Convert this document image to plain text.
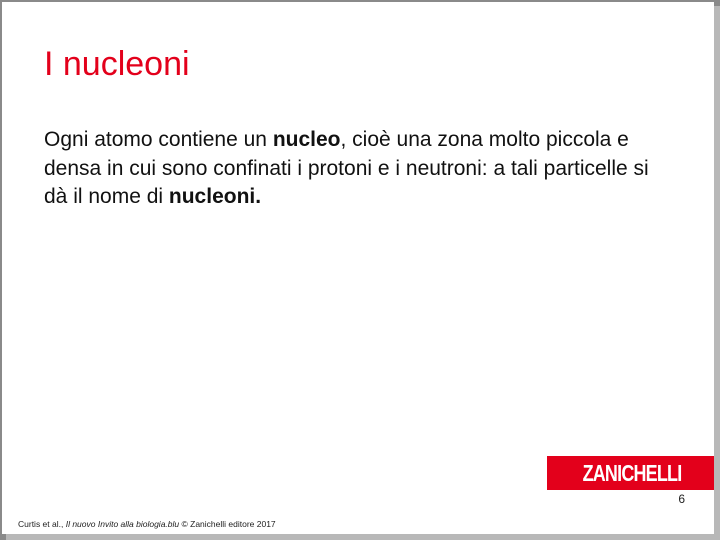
I nucleoni

Ogni atomo contiene un nucleo, cioè una zona molto piccola e densa in cui sono confinati i protoni e i neutroni: a tali particelle si dà il nome di nucleoni.

ZANICHELLI
6
Curtis et al., Il nuovo Invito alla biologia.blu © Zanichelli editore 2017
